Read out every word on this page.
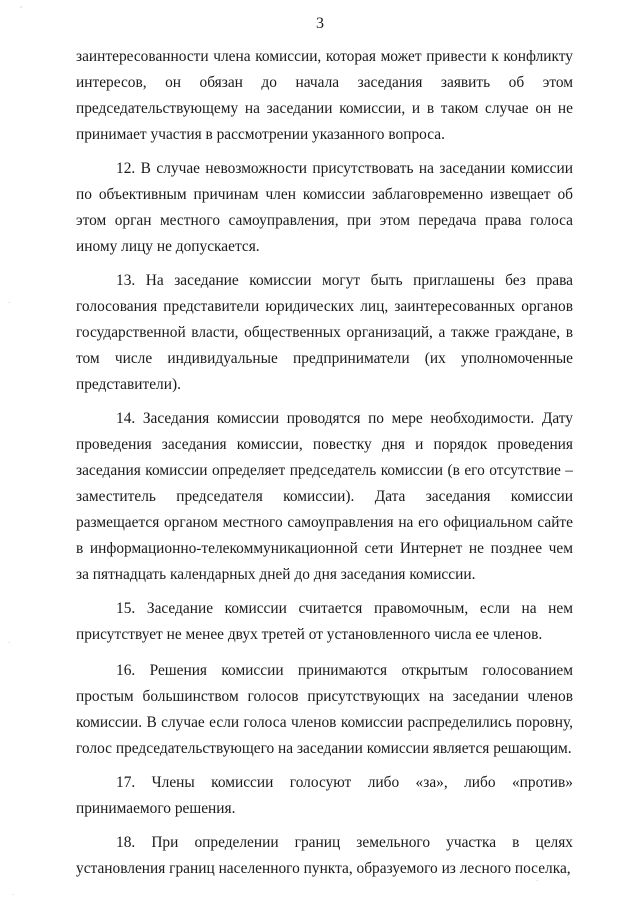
‘
·
·
·
·
3

заинтересованности члена комиссии, которая может привести к конфликту интересов, он обязан до начала заседания заявить об этом председательствующему на заседании комиссии, и в таком случае он не принимает участия в рассмотрении указанного вопроса.

12. В случае невозможности присутствовать на заседании комиссии по объективным причинам член комиссии заблаговременно извещает об этом орган местного самоуправления, при этом передача права голоса иному лицу не допускается.

13. На заседание комиссии могут быть приглашены без права голосования представители юридических лиц, заинтересованных органов государственной власти, общественных организаций, а также граждане, в том числе индивидуальные предприниматели (их уполномоченные представители).

14. Заседания комиссии проводятся по мере необходимости. Дату проведения заседания комиссии, повестку дня и порядок проведения заседания комиссии определяет председатель комиссии (в его отсутствие – заместитель председателя комиссии). Дата заседания комиссии размещается органом местного самоуправления на его официальном сайте в информационно-телекоммуникационной сети Интернет не позднее чем за пятнадцать календарных дней до дня заседания комиссии.

15. Заседание комиссии считается правомочным, если на нем присутствует не менее двух третей от установленного числа ее членов.

16. Решения комиссии принимаются открытым голосованием простым большинством голосов присутствующих на заседании членов комиссии. В случае если голоса членов комиссии распределились поровну, голос председательствующего на заседании комиссии является решающим.

17. Члены комиссии голосуют либо «за», либо «против» принимаемого решения.

18. При определении границ земельного участка в целях установления границ населенного пункта, образуемого из лесного поселка,
